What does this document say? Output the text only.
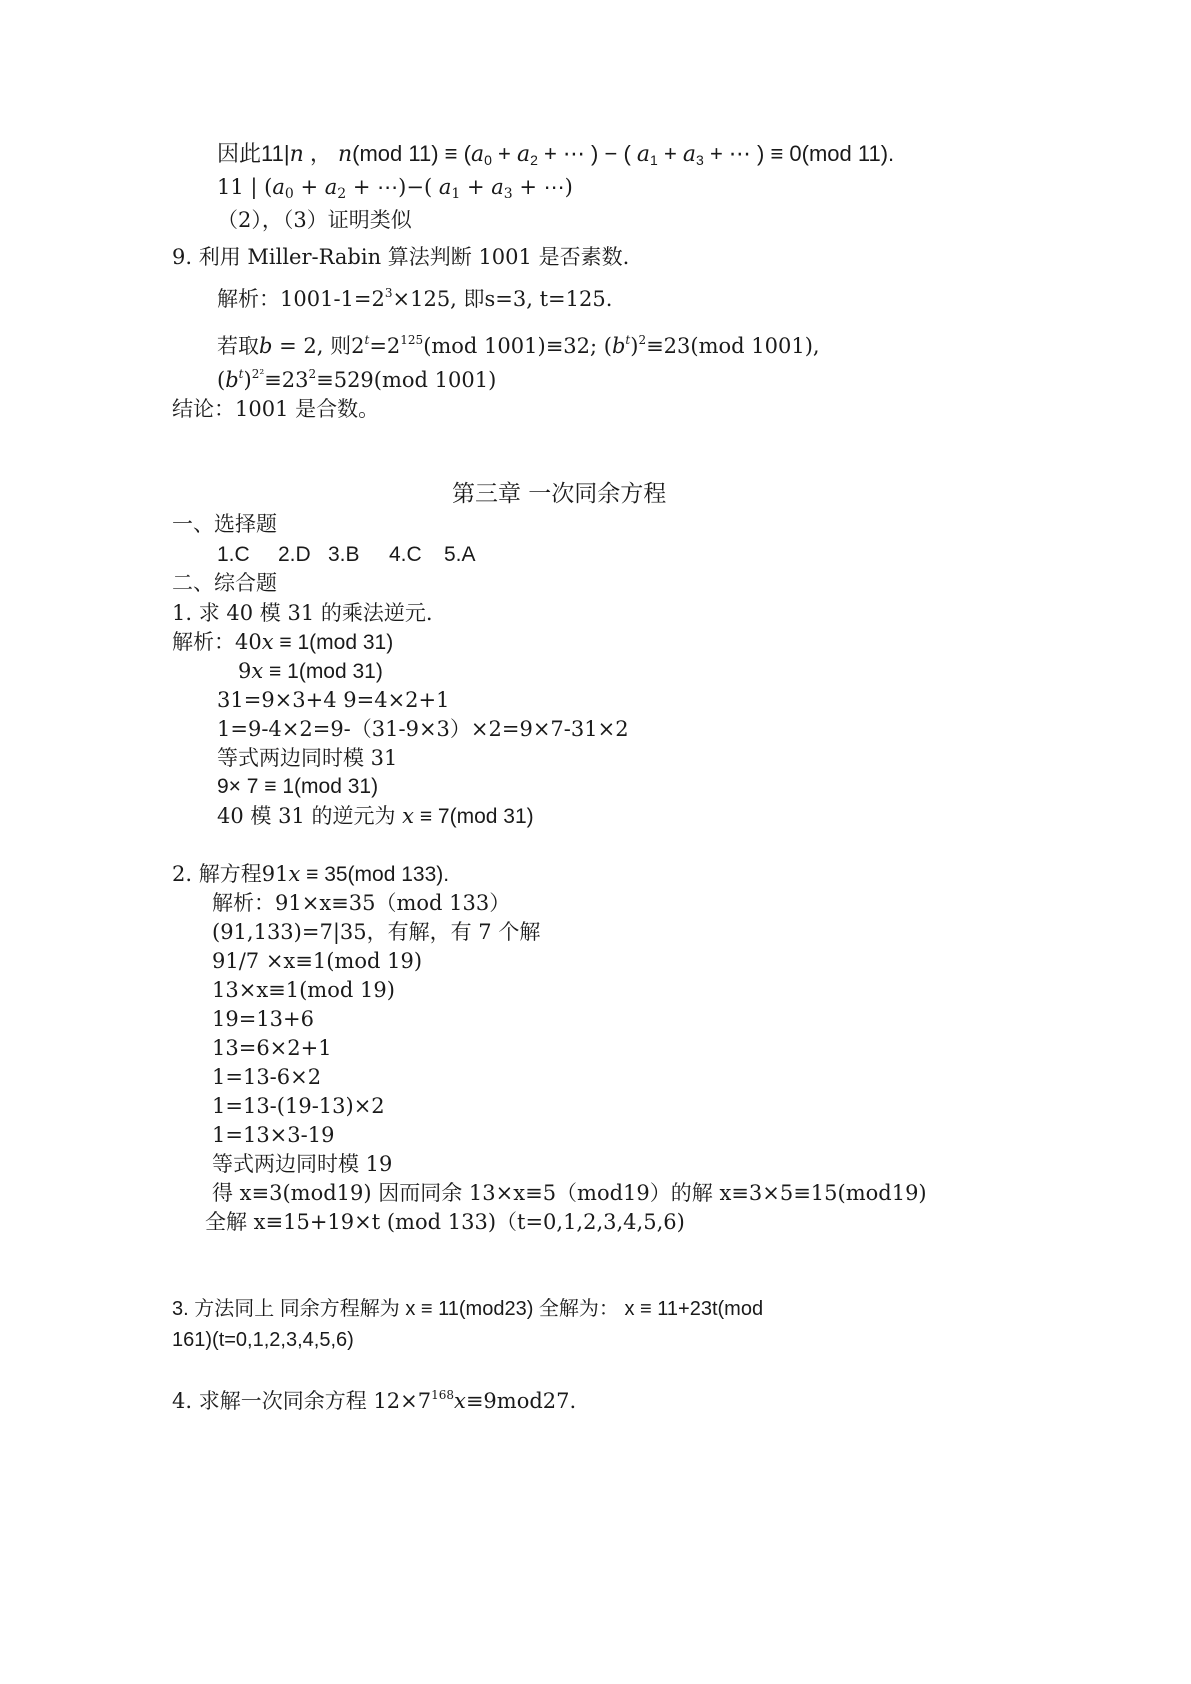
因此11|n ， n(mod $11) \equiv (a_0 + a_2$ + ⋯ ) − ( $a_1 + a_3$ + ⋯ ) ≡ 0(mod 11).
11 | ($a_0 + a_2$ + ⋯)−( $a_1 + a_3$ + ⋯)
（2），（3）证明类似
9. 利用 Miller-Rabin 算法判断 1001 是否素数.
解析：$1001-1=2^3\times 125$, 即s=3, t=125.
若取b = 2, 则$2^t=2^{125}(mod$ 1001)≡32; $(b^t)^2\equiv 23(mod$ 1001),
$(b^t)^{2^2}\equiv 23^2\equiv 529(mod$ 1001)
结论：1001 是合数。
第三章 一次同余方程
一、选择题
1.C 2.D 3.B 4.C 5.A
二、综合题
1. 求 40 模 31 的乘法逆元.
解析：40x ≡ 1(mod 31)
9x ≡ 1(mod 31)
31=9×3+4 9=4×2+1
1=9-4×2=9-（31-9×3）×2=9×7-31×2
等式两边同时模 31
9× 7 ≡ 1(mod 31)
40 模 31 的逆元为 x ≡ 7(mod 31)
2. 解方程91x ≡ 35(mod 133).
解析：91×x≡35（mod 133）
(91,133)=7|35，有解，有 7 个解
91/7 ×x≡1(mod 19)
13×x≡1(mod 19)
19=13+6
13=6×2+1
1=13-6×2
1=13-(19-13)×2
1=13×3-19
等式两边同时模 19
得 x≡3(mod19) 因而同余 13×x≡5（mod19）的解 x≡3×5≡15(mod19)
全解 x≡15+19×t (mod 133)（t=0,1,2,3,4,5,6)
3. 方法同上 同余方程解为 x ≡ 11(mod23) 全解为： x ≡ 11+23t(mod
161)(t=0,1,2,3,4,5,6)
4. 求解一次同余方程 $12\times 7^{168}x\equiv 9mod27$.
